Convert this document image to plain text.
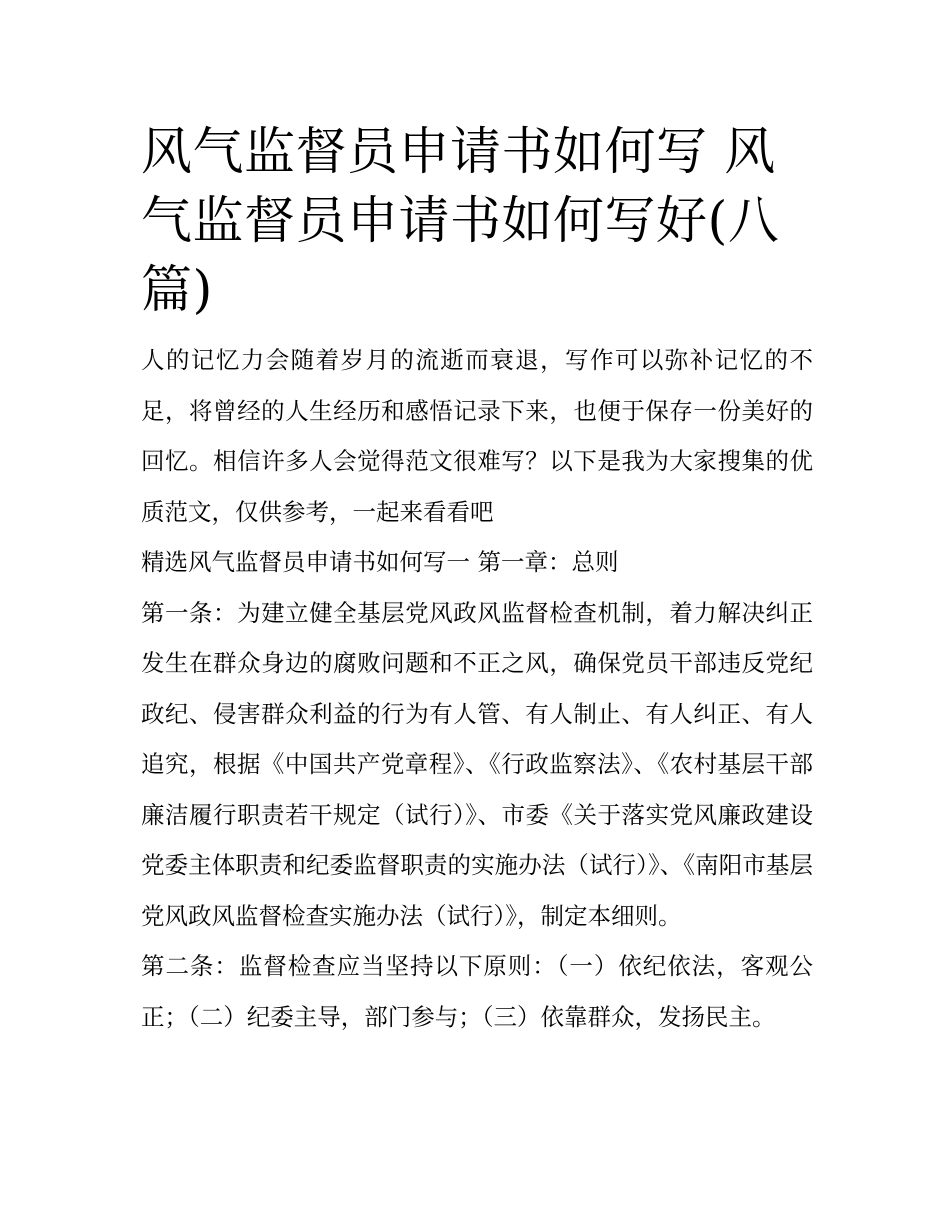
风气监督员申请书如何写 风气监督员申请书如何写好(八篇)

人的记忆力会随着岁月的流逝而衰退，写作可以弥补记忆的不足，将曾经的人生经历和感悟记录下来，也便于保存一份美好的回忆。相信许多人会觉得范文很难写？以下是我为大家搜集的优质范文，仅供参考，一起来看看吧

精选风气监督员申请书如何写一 第一章：总则

第一条：为建立健全基层党风政风监督检查机制，着力解决纠正发生在群众身边的腐败问题和不正之风，确保党员干部违反党纪政纪、侵害群众利益的行为有人管、有人制止、有人纠正、有人追究，根据《中国共产党章程》、《行政监察法》、《农村基层干部廉洁履行职责若干规定（试行）》、市委《关于落实党风廉政建设党委主体职责和纪委监督职责的实施办法（试行）》、《南阳市基层党风政风监督检查实施办法（试行）》，制定本细则。

第二条：监督检查应当坚持以下原则：（一）依纪依法，客观公正；（二）纪委主导，部门参与；（三）依靠群众，发扬民主。
